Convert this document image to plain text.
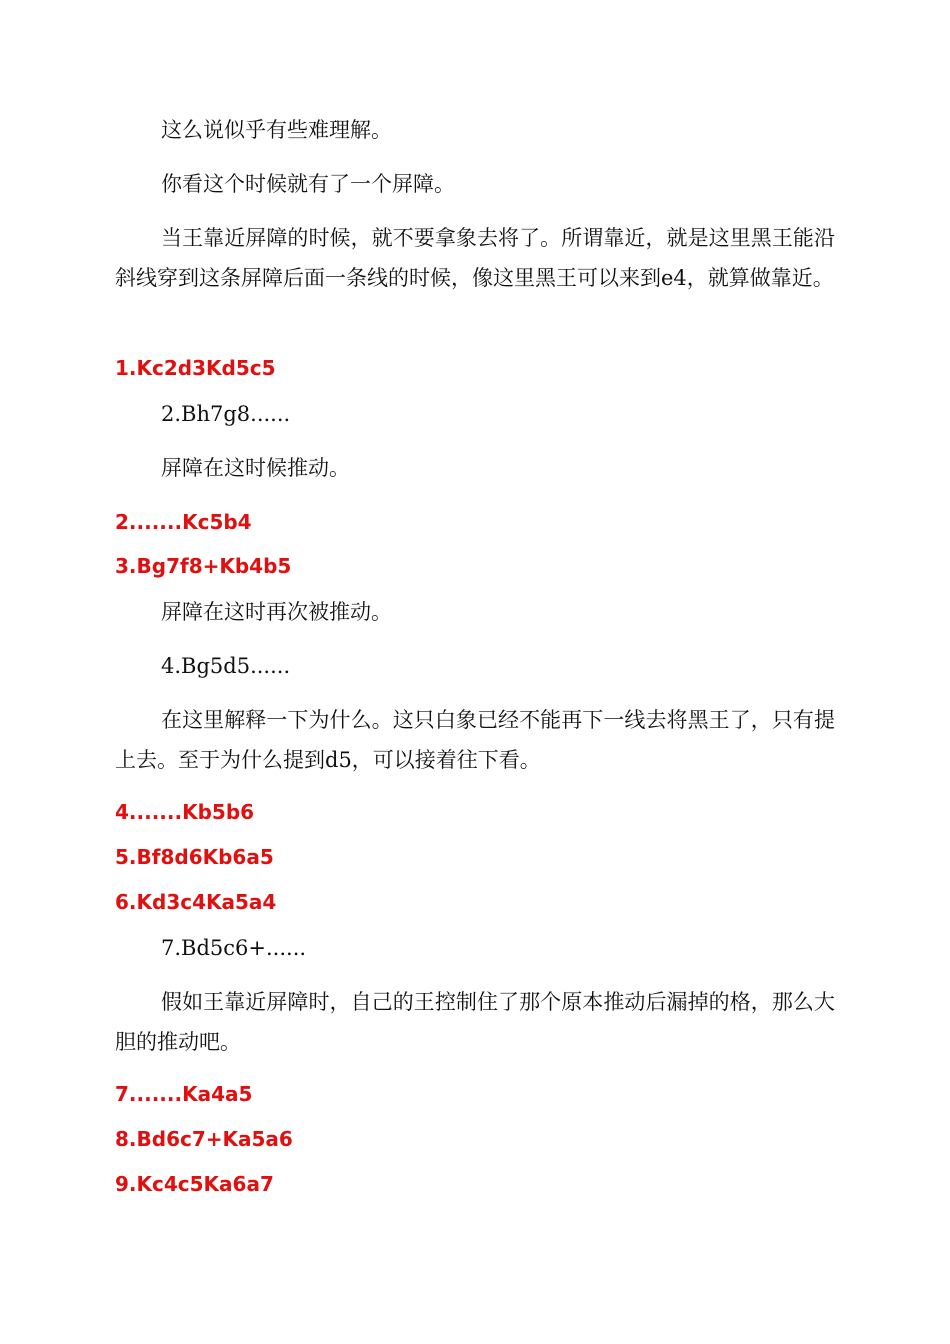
这么说似乎有些难理解。
你看这个时候就有了一个屏障。
当王靠近屏障的时候，就不要拿象去将了。所谓靠近，就是这里黑王能沿斜线穿到这条屏障后面一条线的时候，像这里黑王可以来到e4，就算做靠近。
1.Kc2d3Kd5c5
2.Bh7g8......
屏障在这时候推动。
2.......Kc5b4
3.Bg7f8+Kb4b5
屏障在这时再次被推动。
4.Bg5d5......
在这里解释一下为什么。这只白象已经不能再下一线去将黑王了，只有提上去。至于为什么提到d5，可以接着往下看。
4.......Kb5b6
5.Bf8d6Kb6a5
6.Kd3c4Ka5a4
7.Bd5c6+......
假如王靠近屏障时，自己的王控制住了那个原本推动后漏掉的格，那么大胆的推动吧。
7.......Ka4a5
8.Bd6c7+Ka5a6
9.Kc4c5Ka6a7
